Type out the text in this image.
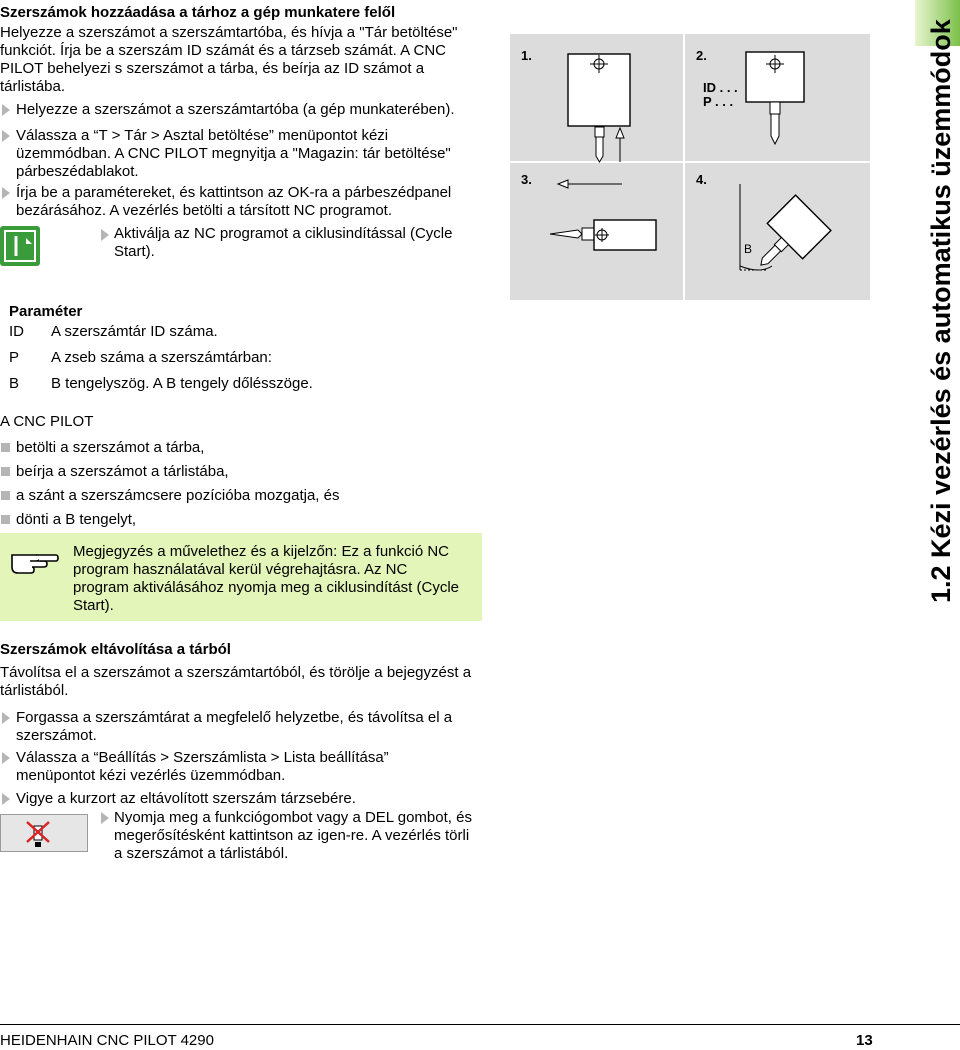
Szerszámok hozzáadása a tárhoz a gép munkatere felől
Helyezze a szerszámot a szerszámtartóba, és hívja a "Tár betöltése"
funkciót. Írja be a szerszám ID számát és a tárzseb számát. A CNC
PILOT behelyezi s szerszámot a tárba, és beírja az ID számot a
tárlistába.
Helyezze a szerszámot a szerszámtartóba (a gép munkaterében).
Válassza a “T > Tár > Asztal betöltése” menüpontot kézi
üzemmódban. A CNC PILOT megnyitja a "Magazin: tár betöltése"
párbeszédablakot.
Írja be a paramétereket, és kattintson az OK-ra a párbeszédpanel
bezárásához. A vezérlés betölti a társított NC programot.
Aktiválja az NC programot a ciklusindítással (Cycle
Start).
Paraméter
ID A szerszámtár ID száma.
P A zseb száma a szerszámtárban:
B B tengelyszög. A B tengely dőlésszöge.
A CNC PILOT
betölti a szerszámot a tárba,
beírja a szerszámot a tárlistába,
a szánt a szerszámcsere pozícióba mozgatja, és
dönti a B tengelyt,
Megjegyzés a művelethez és a kijelzőn: Ez a funkció NC
program használatával kerül végrehajtásra. Az NC
program aktiválásához nyomja meg a ciklusindítást (Cycle
Start).
ID . . .
P . . .
B
1.	2.
3.	4.
Szerszámok eltávolítása a tárból
Távolítsa el a szerszámot a szerszámtartóból, és törölje a bejegyzést a
tárlistából.
Forgassa a szerszámtárat a megfelelő helyzetbe, és távolítsa el a
szerszámot.
Válassza a “Beállítás > Szerszámlista > Lista beállítása”
menüpontot kézi vezérlés üzemmódban.
Vigye a kurzort az eltávolított szerszám tárzsebére.
Nyomja meg a funkciógombot vagy a DEL gombot, és
megerősítésként kattintson az igen-re. A vezérlés törli
a szerszámot a tárlistából.
1.2 Kézi vezérlés és automatikus üzemmódok
HEIDENHAIN CNC PILOT 4290	13
